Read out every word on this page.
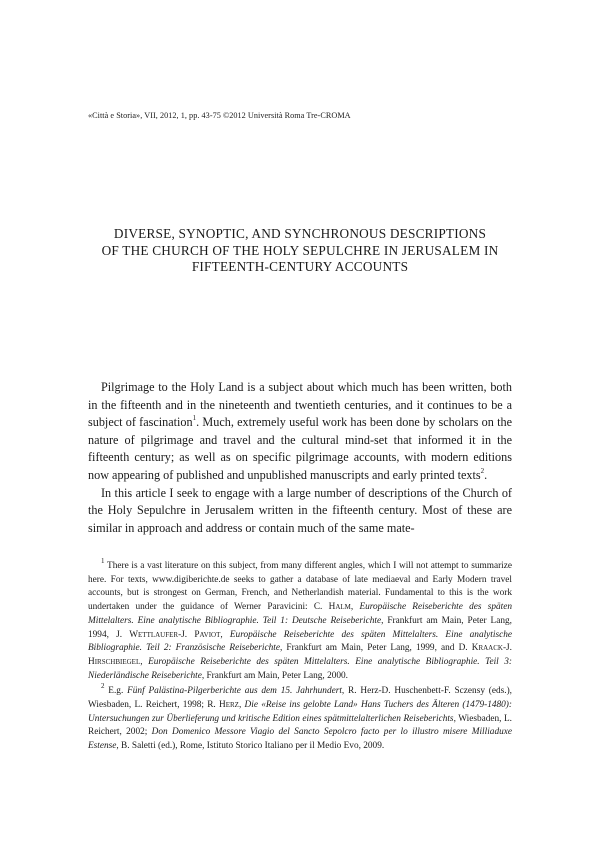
«Città e Storia», VII, 2012, 1, pp. 43-75 ©2012 Università Roma Tre-CROMA
DIVERSE, SYNOPTIC, AND SYNCHRONOUS DESCRIPTIONS
OF THE CHURCH OF THE HOLY SEPULCHRE IN JERUSALEM IN
FIFTEENTH-CENTURY ACCOUNTS

Pilgrimage to the Holy Land is a subject about which much has been written, both in the fifteenth and in the nineteenth and twentieth centuries, and it continues to be a subject of fascination$^1$. Much, extremely useful work has been done by scholars on the nature of pilgrimage and travel and the cultural mind-set that informed it in the fifteenth century; as well as on specific pilgrimage accounts, with modern editions now appearing of published and unpublished manuscripts and early printed texts$^2$.

In this article I seek to engage with a large number of descriptions of the Church of the Holy Sepulchre in Jerusalem written in the fifteenth century. Most of these are similar in approach and address or contain much of the same mate-

$^1$ There is a vast literature on this subject, from many different angles, which I will not attempt to summarize here. For texts, www.digiberichte.de seeks to gather a database of late mediaeval and Early Modern travel accounts, but is strongest on German, French, and Netherlandish material. Fundamental to this is the work undertaken under the guidance of Werner Paravicini: C. Halm, Europäische Reiseberichte des späten Mittelalters. Eine analytische Bibliographie. Teil 1: Deutsche Reiseberichte, Frankfurt am Main, Peter Lang, 1994, J. Wettlaufer-J. Paviot, Europäische Reiseberichte des späten Mittelalters. Eine analytische Bibliographie. Teil 2: Französische Reiseberichte, Frankfurt am Main, Peter Lang, 1999, and D. Kraack-J. Hirschbiegel, Europäische Reiseberichte des späten Mittelalters. Eine analytische Bibliographie. Teil 3: Niederländische Reiseberichte, Frankfurt am Main, Peter Lang, 2000.

$^2$ E.g. Fünf Palästina-Pilgerberichte aus dem 15. Jahrhundert, R. Herz-D. Huschenbett-F. Sczensy (eds.), Wiesbaden, L. Reichert, 1998; R. Herz, Die «Reise ins gelobte Land» Hans Tuchers des Älteren (1479-1480): Untersuchungen zur Überlieferung und kritische Edition eines spätmittelalterlichen Reiseberichts, Wiesbaden, L. Reichert, 2002; Don Domenico Messore Viagio del Sancto Sepolcro facto per lo illustro misere Milliaduxe Estense, B. Saletti (ed.), Rome, Istituto Storico Italiano per il Medio Evo, 2009.
